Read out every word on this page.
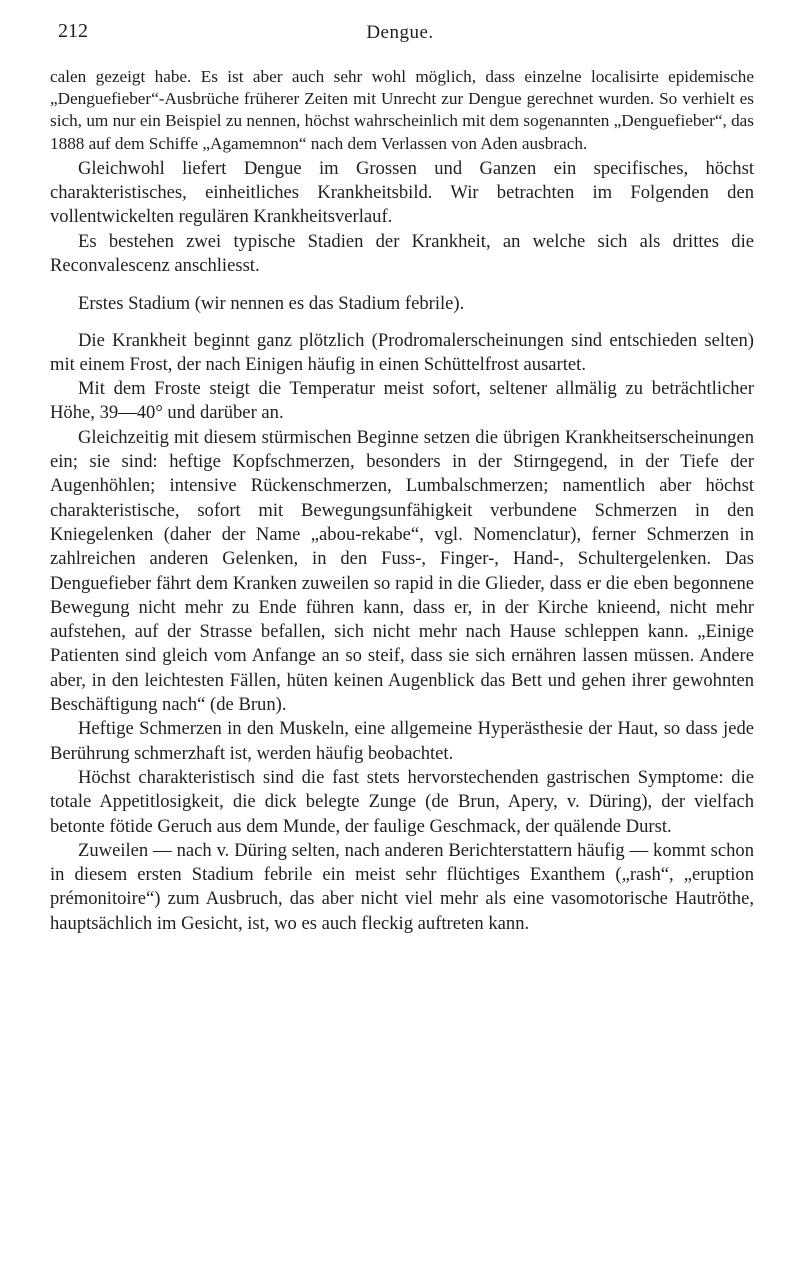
212	Dengue.

calen gezeigt habe. Es ist aber auch sehr wohl möglich, dass einzelne localisirte epidemische „Denguefieber“-Ausbrüche früherer Zeiten mit Unrecht zur Dengue gerechnet wurden. So verhielt es sich, um nur ein Beispiel zu nennen, höchst wahrscheinlich mit dem sogenannten „Denguefieber“, das 1888 auf dem Schiffe „Agamemnon“ nach dem Verlassen von Aden ausbrach.

Gleichwohl liefert Dengue im Grossen und Ganzen ein specifisches, höchst charakteristisches, einheitliches Krankheitsbild. Wir betrachten im Folgenden den vollentwickelten regulären Krankheitsverlauf.

Es bestehen zwei typische Stadien der Krankheit, an welche sich als drittes die Reconvalescenz anschliesst.

Erstes Stadium (wir nennen es das Stadium febrile).

Die Krankheit beginnt ganz plötzlich (Prodromalerscheinungen sind entschieden selten) mit einem Frost, der nach Einigen häufig in einen Schüttelfrost ausartet.

Mit dem Froste steigt die Temperatur meist sofort, seltener allmälig zu beträchtlicher Höhe, 39—40° und darüber an.

Gleichzeitig mit diesem stürmischen Beginne setzen die übrigen Krankheitserscheinungen ein; sie sind: heftige Kopfschmerzen, besonders in der Stirngegend, in der Tiefe der Augenhöhlen; intensive Rückenschmerzen, Lumbalschmerzen; namentlich aber höchst charakteristische, sofort mit Bewegungsunfähigkeit verbundene Schmerzen in den Kniegelenken (daher der Name „abou-rekabe“, vgl. Nomenclatur), ferner Schmerzen in zahlreichen anderen Gelenken, in den Fuss-, Finger-, Hand-, Schultergelenken. Das Denguefieber fährt dem Kranken zuweilen so rapid in die Glieder, dass er die eben begonnene Bewegung nicht mehr zu Ende führen kann, dass er, in der Kirche knieend, nicht mehr aufstehen, auf der Strasse befallen, sich nicht mehr nach Hause schleppen kann. „Einige Patienten sind gleich vom Anfange an so steif, dass sie sich ernähren lassen müssen. Andere aber, in den leichtesten Fällen, hüten keinen Augenblick das Bett und gehen ihrer gewohnten Beschäftigung nach“ (de Brun).

Heftige Schmerzen in den Muskeln, eine allgemeine Hyperästhesie der Haut, so dass jede Berührung schmerzhaft ist, werden häufig beobachtet.

Höchst charakteristisch sind die fast stets hervorstechenden gastrischen Symptome: die totale Appetitlosigkeit, die dick belegte Zunge (de Brun, Apery, v. Düring), der vielfach betonte fötide Geruch aus dem Munde, der faulige Geschmack, der quälende Durst.

Zuweilen — nach v. Düring selten, nach anderen Berichterstattern häufig — kommt schon in diesem ersten Stadium febrile ein meist sehr flüchtiges Exanthem („rash“, „eruption prémonitoire“) zum Ausbruch, das aber nicht viel mehr als eine vasomotorische Hautröthe, hauptsächlich im Gesicht, ist, wo es auch fleckig auftreten kann.
